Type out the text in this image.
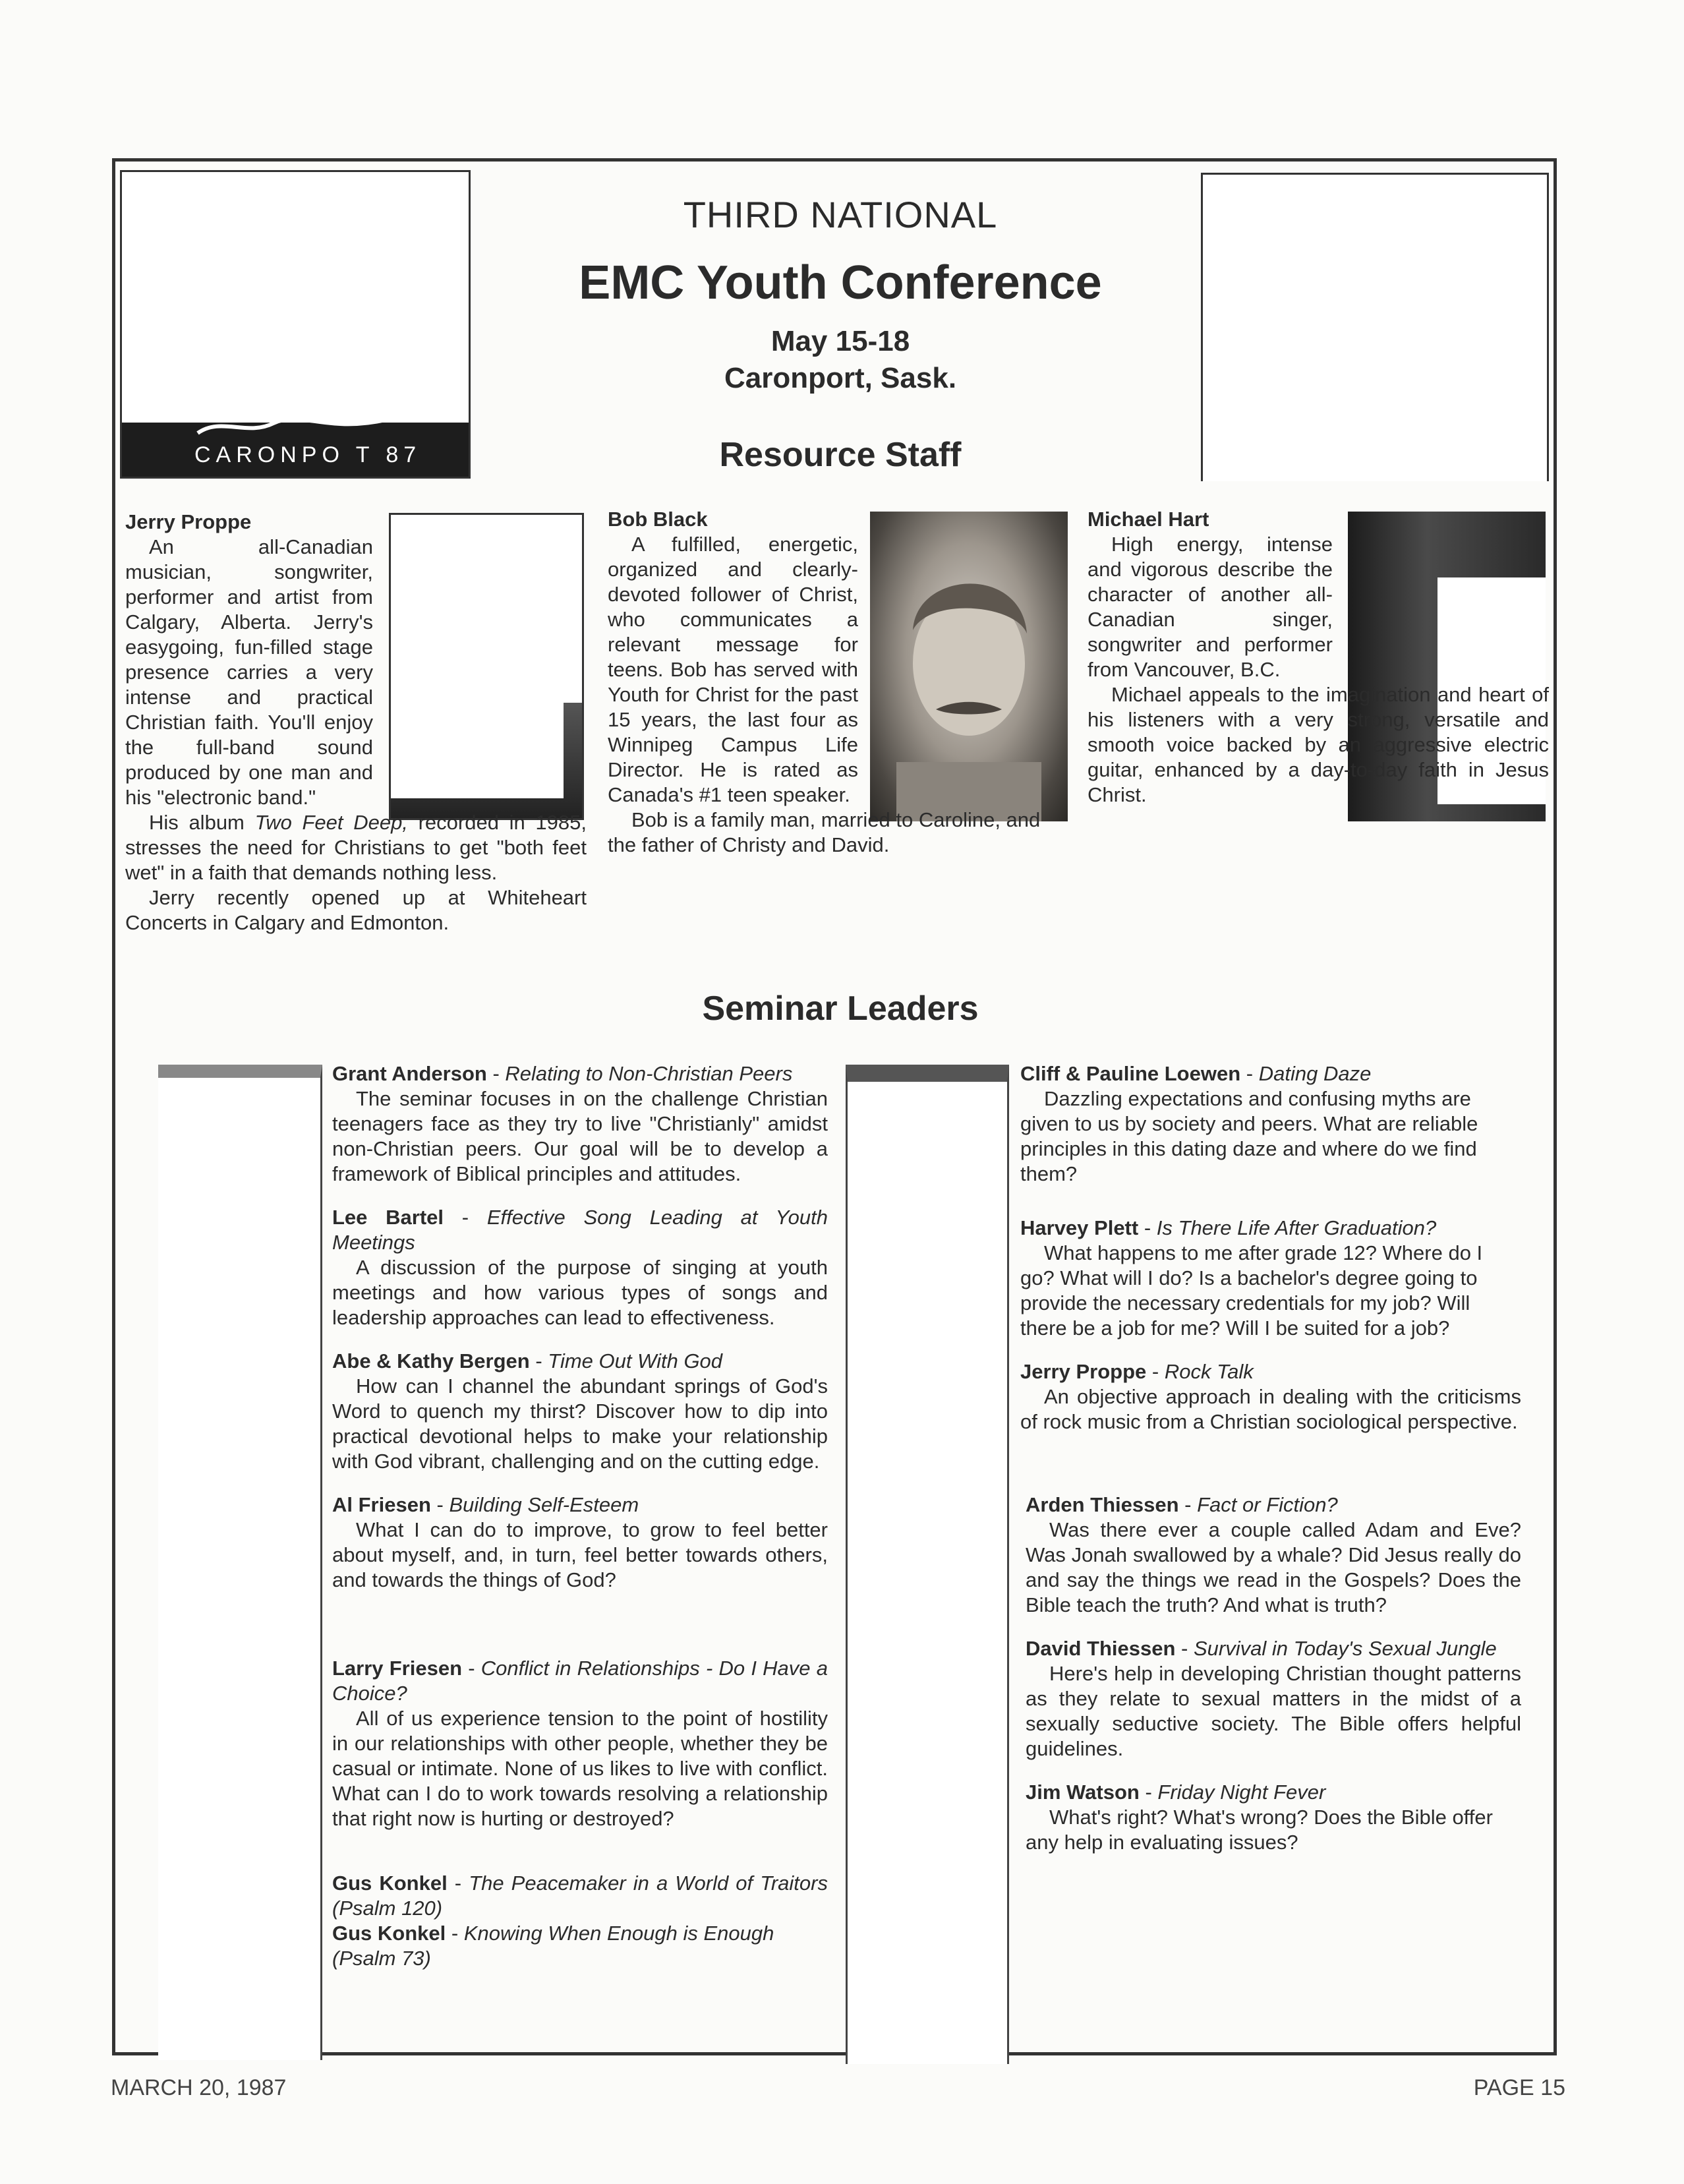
CARONPO T 87
THIRD NATIONAL
EMC Youth Conference
May 15-18
Caronport, Sask.
Resource Staff
Jerry Proppe

An all-Canadian musician, songwriter, performer and artist from Calgary, Alberta. Jerry's easygoing, fun-filled stage presence carries a very intense and practical Christian faith. You'll enjoy the full-band sound produced by one man and his "electronic band."

His album Two Feet Deep, recorded in 1985, stresses the need for Christians to get "both feet wet" in a faith that demands nothing less.

Jerry recently opened up at Whiteheart Concerts in Calgary and Edmonton.

Bob Black

A fulfilled, energetic, organized and clearly-devoted follower of Christ, who communicates a relevant message for teens. Bob has served with Youth for Christ for the past 15 years, the last four as Winnipeg Campus Life Director. He is rated as Canada's #1 teen speaker.

Bob is a family man, married to Caroline, and the father of Christy and David.

Michael Hart

High energy, intense and vigorous describe the character of another all-Canadian singer, songwriter and performer from Vancouver, B.C.

Michael appeals to the imagination and heart of his listeners with a very strong, versatile and smooth voice backed by an aggressive electric guitar, enhanced by a day-to-day faith in Jesus Christ.

Seminar Leaders
Grant Anderson - Relating to Non-Christian Peers

The seminar focuses in on the challenge Christian teenagers face as they try to live "Christianly" amidst non-Christian peers. Our goal will be to develop a framework of Biblical principles and attitudes.

Lee Bartel - Effective Song Leading at Youth Meetings

A discussion of the purpose of singing at youth meetings and how various types of songs and leadership approaches can lead to effectiveness.

Abe & Kathy Bergen - Time Out With God

How can I channel the abundant springs of God's Word to quench my thirst? Discover how to dip into practical devotional helps to make your relationship with God vibrant, challenging and on the cutting edge.

Al Friesen - Building Self-Esteem

What I can do to improve, to grow to feel better about myself, and, in turn, feel better towards others, and towards the things of God?

Larry Friesen - Conflict in Relationships - Do I Have a Choice?

All of us experience tension to the point of hostility in our relationships with other people, whether they be casual or intimate. None of us likes to live with conflict. What can I do to work towards resolving a relationship that right now is hurting or destroyed?

Gus Konkel - The Peacemaker in a World of Traitors (Psalm 120)
Gus Konkel - Knowing When Enough is Enough (Psalm 73)
Cliff & Pauline Loewen - Dating Daze

Dazzling expectations and confusing myths are given to us by society and peers. What are reliable principles in this dating daze and where do we find them?

Harvey Plett - Is There Life After Graduation?

What happens to me after grade 12? Where do I go? What will I do? Is a bachelor's degree going to provide the necessary credentials for my job? Will there be a job for me? Will I be suited for a job?

Jerry Proppe - Rock Talk

An objective approach in dealing with the criticisms of rock music from a Christian sociological perspective.

Arden Thiessen - Fact or Fiction?

Was there ever a couple called Adam and Eve? Was Jonah swallowed by a whale? Did Jesus really do and say the things we read in the Gospels? Does the Bible teach the truth? And what is truth?

David Thiessen - Survival in Today's Sexual Jungle

Here's help in developing Christian thought patterns as they relate to sexual matters in the midst of a sexually seductive society. The Bible offers helpful guidelines.

Jim Watson - Friday Night Fever

What's right? What's wrong? Does the Bible offer any help in evaluating issues?

MARCH 20, 1987	PAGE 15
